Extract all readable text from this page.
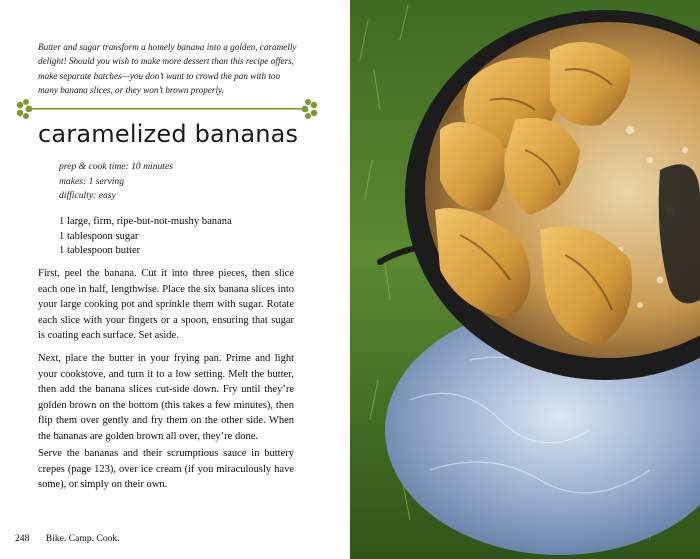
Butter and sugar transform a homely banana into a golden, caramelly delight! Should you wish to make more dessert than this recipe offers, make separate batches—you don’t want to crowd the pan with too many banana slices, or they won’t brown properly.

caramelized bananas
prep & cook time: 10 minutes
makes: 1 serving
difficulty: easy
1 large, firm, ripe-but-not-mushy banana
1 tablespoon sugar
1 tablespoon butter

First, peel the banana. Cut it into three pieces, then slice each one in half, lengthwise. Place the six banana slices into your large cooking pot and sprinkle them with sugar. Rotate each slice with your fingers or a spoon, ensuring that sugar is coating each surface. Set aside.

Next, place the butter in your frying pan. Prime and light your cookstove, and turn it to a low setting. Melt the butter, then add the banana slices cut-side down. Fry until they’re golden brown on the bottom (this takes a few minutes), then flip them over gently and fry them on the other side. When the bananas are golden brown all over, they’re done.

Serve the bananas and their scrumptious sauce in buttery crepes (page 123), over ice cream (if you miraculously have some), or simply on their own.

248 Bike. Camp. Cook.
